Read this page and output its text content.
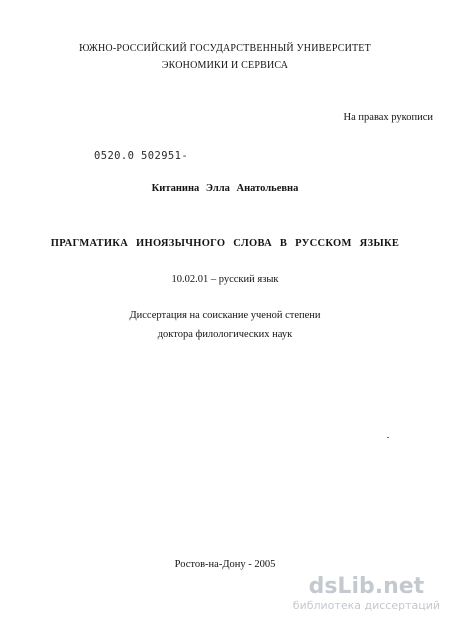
ЮЖНО-РОССИЙСКИЙ ГОСУДАРСТВЕННЫЙ УНИВЕРСИТЕТ
ЭКОНОМИКИ И СЕРВИСА
На правах рукописи
0520.0 502951-
Китанина Элла Анатольевна
ПРАГМАТИКА ИНОЯЗЫЧНОГО СЛОВА В РУССКОМ ЯЗЫКЕ
10.02.01 – русский язык
Диссертация на соискание ученой степени
доктора филологических наук
Ростов-на-Дону - 2005
dsLib.net
библиотека диссертаций
